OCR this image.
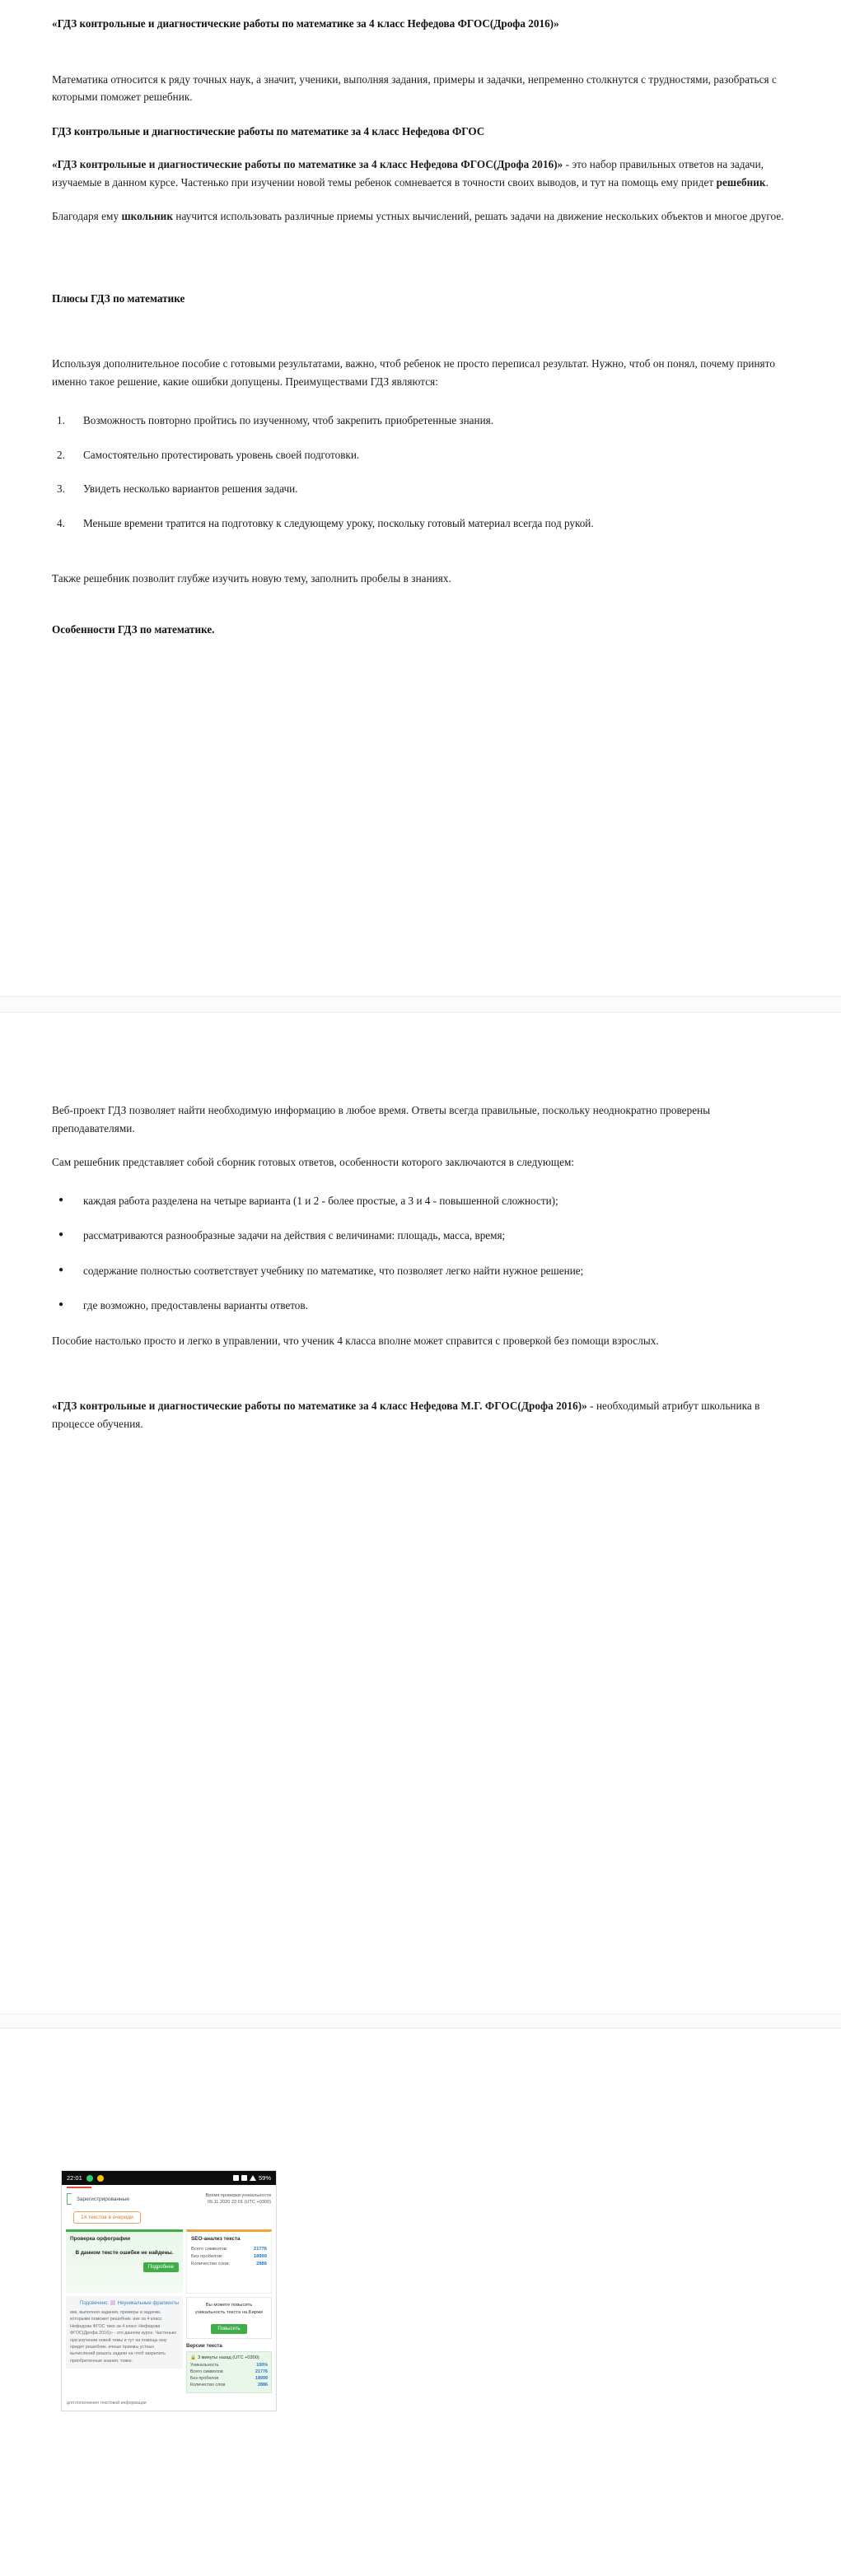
«ГДЗ контрольные и диагностические работы по математике за 4 класс Нефедова ФГОС(Дрофа 2016)»

Математика относится к ряду точных наук, а значит, ученики, выполняя задания, примеры и задачки, непременно столкнутся с трудностями, разобраться с которыми поможет решебник.

ГДЗ контрольные и диагностические работы по математике за 4 класс Нефедова ФГОС

«ГДЗ контрольные и диагностические работы по математике за 4 класс Нефедова ФГОС(Дрофа 2016)» - это набор правильных ответов на задачи, изучаемые в данном курсе. Частенько при изучении новой темы ребенок сомневается в точности своих выводов, и тут на помощь ему придет решебник.

Благодаря ему школьник научится использовать различные приемы устных вычислений, решать задачи на движение нескольких объектов и многое другое.

Плюсы ГДЗ по математике

Используя дополнительное пособие с готовыми результатами, важно, чтоб ребенок не просто переписал результат. Нужно, чтоб он понял, почему принято именно такое решение, какие ошибки допущены. Преимуществами ГДЗ являются:

Возможность повторно пройтись по изученному, чтоб закрепить приобретенные знания.
Самостоятельно протестировать уровень своей подготовки.
Увидеть несколько вариантов решения задачи.
Меньше времени тратится на подготовку к следующему уроку, поскольку готовый материал всегда под рукой.

Также решебник позволит глубже изучить новую тему, заполнить пробелы в знаниях.

Особенности ГДЗ по математике.

Веб-проект ГДЗ позволяет найти необходимую информацию в любое время. Ответы всегда правильные, поскольку неоднократно проверены преподавателями.

Сам решебник представляет собой сборник готовых ответов, особенности которого заключаются в следующем:

● каждая работа разделена на четыре варианта (1 и 2 - более простые, а 3 и 4 - повышенной сложности);
● рассматриваются разнообразные задачи на действия с величинами: площадь, масса, время;
● содержание полностью соответствует учебнику по математике, что позволяет легко найти нужное решение;
● где возможно, предоставлены варианты ответов.

Пособие настолько просто и легко в управлении, что ученик 4 класса вполне может справится с проверкой без помощи взрослых.

«ГДЗ контрольные и диагностические работы по математике за 4 класс Нефедова М.Г. ФГОС(Дрофа 2016)» - необходимый атрибут школьника в процессе обучения.

22:01	59%
Зарегистрированные
Время проверки уникальности 09.11.2020 22:01 (UTC +0300)
14 текстов в очереди
Проверка орфографии
В данном тексте ошибки не найдены.
Подробнее
Подсвечено: Неуникальные фрагменты
ики, выполняя задания, примеры и задачки, которыми поможет решебник. ике за 4 класс Нефедова ФГОС тике за 4 класс Нефедова ФГОС(Дрофа 2016)» - это данном курсе. Частенько при изучении новой темы и тут на помощь ему придет решебник. ичные приемы устных вычислений решать задачи на чтоб закрепить приобретенные знания. товки.
SEO-анализ текста
Всего символов:	21776
Без пробелов:	18999
Количество слов:	2886
Вы можете повысить уникальность текста на Бирже
Повысить
Версии текста
🔒 3 минуты назад (UTC +0300)
Уникальность	100%
Всего символов	21776
Без пробелов	18999
Количество слов	2886
для пополнения текстовой информации
